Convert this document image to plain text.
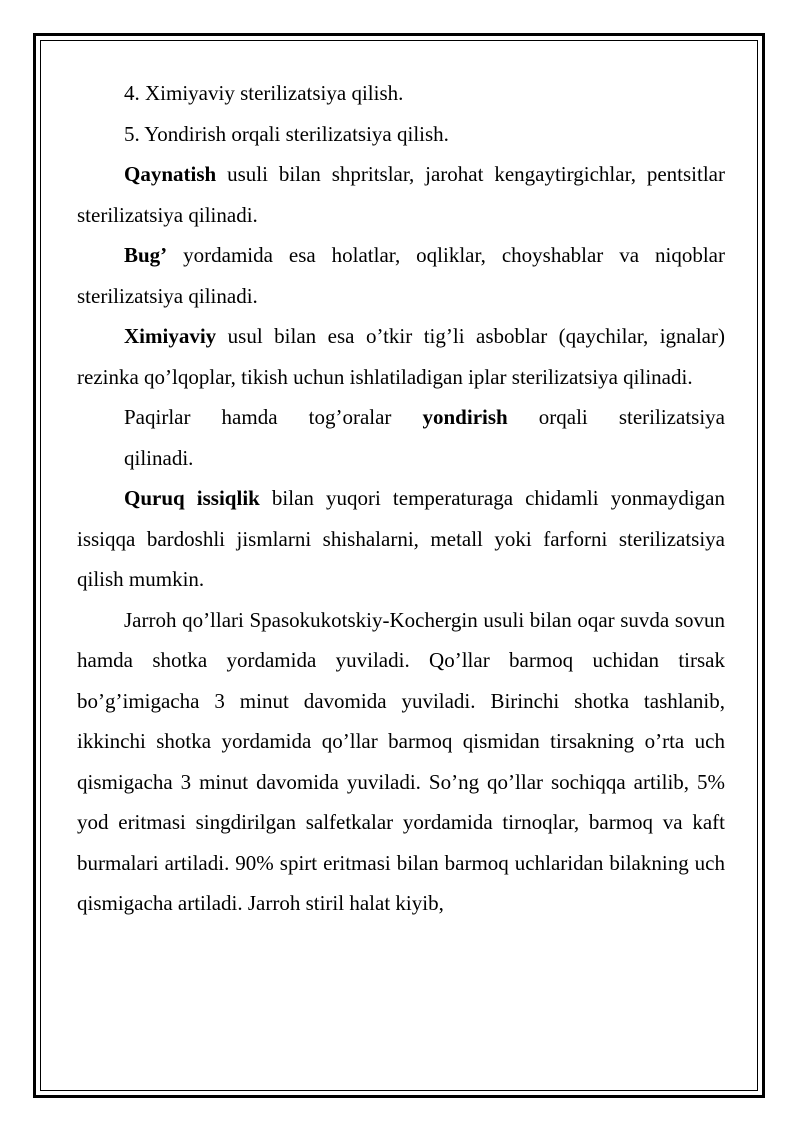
4. Ximiyaviy sterilizatsiya qilish.

5. Yondirish orqali sterilizatsiya qilish.

Qaynatish usuli bilan shpritslar, jarohat kengaytirgichlar, pentsitlar sterilizatsiya qilinadi.

Bug’ yordamida esa holatlar, oqliklar, choyshablar va niqoblar sterilizatsiya qilinadi.

Ximiyaviy usul bilan esa o’tkir tig’li asboblar (qaychilar, ignalar) rezinka qo’lqoplar, tikish uchun ishlatiladigan iplar sterilizatsiya qilinadi.

Paqirlar hamda tog’oralar yondirish orqali sterilizatsiya
qilinadi.

Quruq issiqlik bilan yuqori temperaturaga chidamli yonmaydigan issiqqa bardoshli jismlarni shishalarni, metall yoki farforni sterilizatsiya qilish mumkin.

Jarroh qo’llari Spasokukotskiy-Kochergin usuli bilan oqar suvda sovun hamda shotka yordamida yuviladi. Qo’llar barmoq uchidan tirsak bo’g’imigacha 3 minut davomida yuviladi. Birinchi shotka tashlanib, ikkinchi shotka yordamida qo’llar barmoq qismidan tirsakning o’rta uch qismigacha 3 minut davomida yuviladi. So’ng qo’llar sochiqqa artilib, 5% yod eritmasi singdirilgan salfetkalar yordamida tirnoqlar, barmoq va kaft burmalari artiladi. 90% spirt eritmasi bilan barmoq uchlaridan bilakning uch qismigacha artiladi. Jarroh stiril halat kiyib,
